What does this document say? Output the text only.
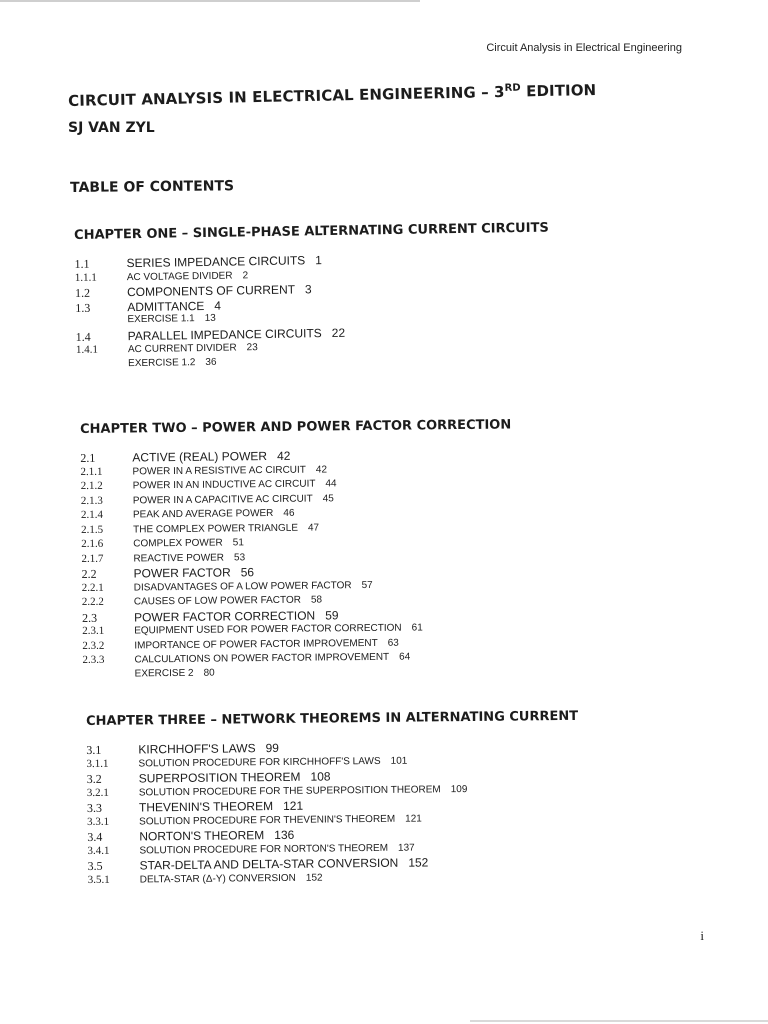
Circuit Analysis in Electrical Engineering
CIRCUIT ANALYSIS IN ELECTRICAL ENGINEERING – 3RD EDITION
SJ VAN ZYL
TABLE OF CONTENTS
CHAPTER ONE – SINGLE-PHASE ALTERNATING CURRENT CIRCUITS
1.1	SERIES IMPEDANCE CIRCUITS 1
1.1.1	AC VOLTAGE DIVIDER 2
1.2	COMPONENTS OF CURRENT 3
1.3	ADMITTANCE 4
EXERCISE 1.1 13
1.4	PARALLEL IMPEDANCE CIRCUITS 22
1.4.1	AC CURRENT DIVIDER 23
EXERCISE 1.2 36
CHAPTER TWO – POWER AND POWER FACTOR CORRECTION
2.1	ACTIVE (REAL) POWER 42
2.1.1	POWER IN A RESISTIVE AC CIRCUIT 42
2.1.2	POWER IN AN INDUCTIVE AC CIRCUIT 44
2.1.3	POWER IN A CAPACITIVE AC CIRCUIT 45
2.1.4	PEAK AND AVERAGE POWER 46
2.1.5	THE COMPLEX POWER TRIANGLE 47
2.1.6	COMPLEX POWER 51
2.1.7	REACTIVE POWER 53
2.2	POWER FACTOR 56
2.2.1	DISADVANTAGES OF A LOW POWER FACTOR 57
2.2.2	CAUSES OF LOW POWER FACTOR 58
2.3	POWER FACTOR CORRECTION 59
2.3.1	EQUIPMENT USED FOR POWER FACTOR CORRECTION 61
2.3.2	IMPORTANCE OF POWER FACTOR IMPROVEMENT 63
2.3.3	CALCULATIONS ON POWER FACTOR IMPROVEMENT 64
EXERCISE 2 80
CHAPTER THREE – NETWORK THEOREMS IN ALTERNATING CURRENT
3.1	KIRCHHOFF'S LAWS 99
3.1.1	SOLUTION PROCEDURE FOR KIRCHHOFF'S LAWS 101
3.2	SUPERPOSITION THEOREM 108
3.2.1	SOLUTION PROCEDURE FOR THE SUPERPOSITION THEOREM 109
3.3	THEVENIN'S THEOREM 121
3.3.1	SOLUTION PROCEDURE FOR THEVENIN'S THEOREM 121
3.4	NORTON'S THEOREM 136
3.4.1	SOLUTION PROCEDURE FOR NORTON'S THEOREM 137
3.5	STAR-DELTA AND DELTA-STAR CONVERSION 152
3.5.1	DELTA-STAR (Δ-Y) CONVERSION 152
i
